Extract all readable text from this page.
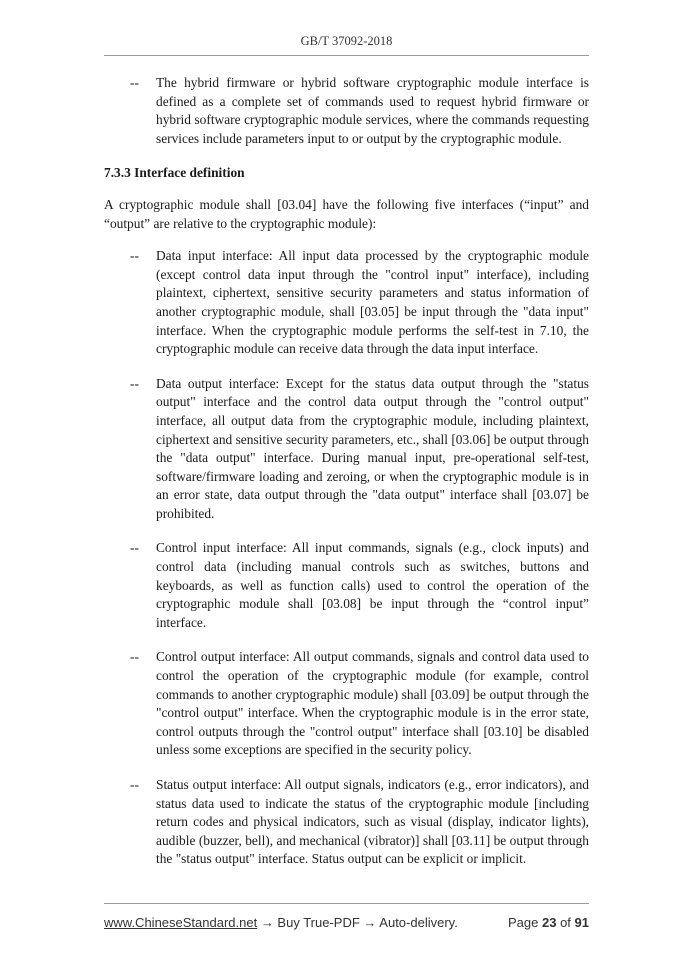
GB/T 37092-2018
--	The hybrid firmware or hybrid software cryptographic module interface is defined as a complete set of commands used to request hybrid firmware or hybrid software cryptographic module services, where the commands requesting services include parameters input to or output by the cryptographic module.
7.3.3 Interface definition

A cryptographic module shall [03.04] have the following five interfaces (“input” and “output” are relative to the cryptographic module):

--	Data input interface: All input data processed by the cryptographic module (except control data input through the "control input" interface), including plaintext, ciphertext, sensitive security parameters and status information of another cryptographic module, shall [03.05] be input through the "data input" interface. When the cryptographic module performs the self-test in 7.10, the cryptographic module can receive data through the data input interface.
--	Data output interface: Except for the status data output through the "status output" interface and the control data output through the "control output" interface, all output data from the cryptographic module, including plaintext, ciphertext and sensitive security parameters, etc., shall [03.06] be output through the "data output" interface. During manual input, pre-operational self-test, software/firmware loading and zeroing, or when the cryptographic module is in an error state, data output through the "data output" interface shall [03.07] be prohibited.
--	Control input interface: All input commands, signals (e.g., clock inputs) and control data (including manual controls such as switches, buttons and keyboards, as well as function calls) used to control the operation of the cryptographic module shall [03.08] be input through the “control input” interface.
--	Control output interface: All output commands, signals and control data used to control the operation of the cryptographic module (for example, control commands to another cryptographic module) shall [03.09] be output through the "control output" interface. When the cryptographic module is in the error state, control outputs through the "control output" interface shall [03.10] be disabled unless some exceptions are specified in the security policy.
--	Status output interface: All output signals, indicators (e.g., error indicators), and status data used to indicate the status of the cryptographic module [including return codes and physical indicators, such as visual (display, indicator lights), audible (buzzer, bell), and mechanical (vibrator)] shall [03.11] be output through the "status output" interface. Status output can be explicit or implicit.
www.ChineseStandard.net → Buy True-PDF → Auto-delivery.	Page 23 of 91
